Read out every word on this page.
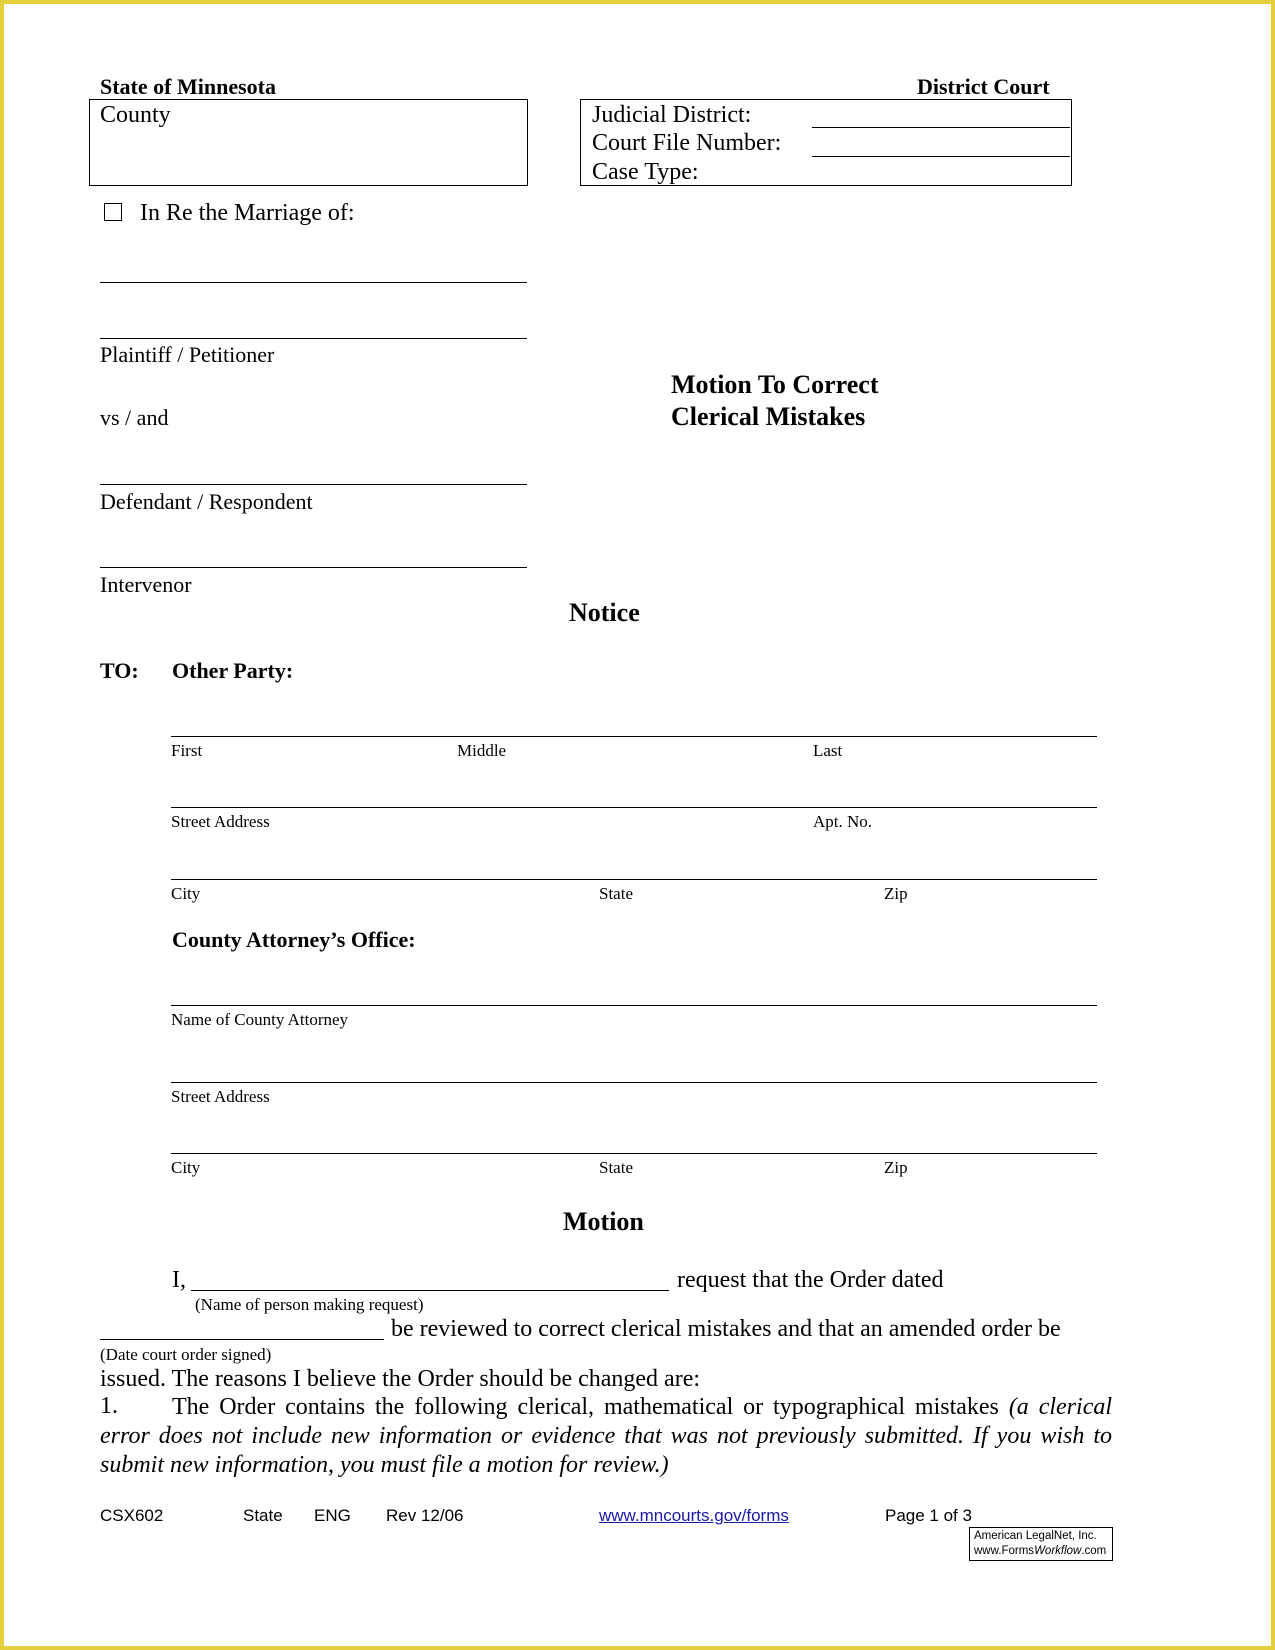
State of Minnesota	District Court
County	Judicial District:
Court File Number:
Case Type:
In Re the Marriage of:
Plaintiff / Petitioner
vs / and
Defendant / Respondent
Intervenor
Motion To Correct
Clerical Mistakes
Notice
TO: Other Party:
First	Middle	Last
Street Address	Apt. No.
City	State	Zip
County Attorney’s Office:
Name of County Attorney
Street Address
City	State	Zip
Motion
I,	request that the Order dated
(Name of person making request)
be reviewed to correct clerical mistakes and that an amended order be
(Date court order signed)
issued. The reasons I believe the Order should be changed are:
1.	The Order contains the following clerical, mathematical or typographical mistakes (a clerical error does not include new information or evidence that was not previously submitted. If you wish to submit new information, you must file a motion for review.)
CSX602	State ENG Rev 12/06	www.mncourts.gov/forms	Page 1 of 3
American LegalNet, Inc.
www.FormsWorkflow.com
